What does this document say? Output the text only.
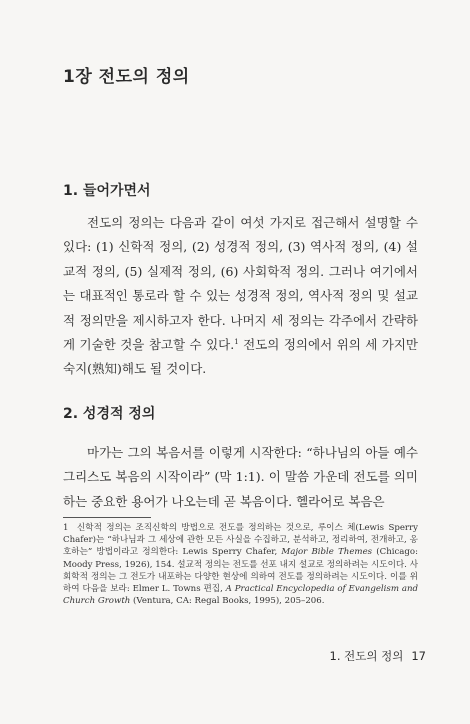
1장 전도의 정의
1. 들어가면서

전도의 정의는 다음과 같이 여섯 가지로 접근해서 설명할 수 있다: (1) 신학적 정의, (2) 성경적 정의, (3) 역사적 정의, (4) 설교적 정의, (5) 실제적 정의, (6) 사회학적 정의. 그러나 여기에서는 대표적인 통로라 할 수 있는 성경적 정의, 역사적 정의 및 설교적 정의만을 제시하고자 한다. 나머지 세 정의는 각주에서 간략하게 기술한 것을 참고할 수 있다.$^1$ 전도의 정의에서 위의 세 가지만 숙지(熟知)해도 될 것이다.

2. 성경적 정의

마가는 그의 복음서를 이렇게 시작한다: “하나님의 아들 예수 그리스도 복음의 시작이라” (막 1:1). 이 말씀 가운데 전도를 의미하는 중요한 용어가 나오는데 곧 복음이다. 헬라어로 복음은

1 신학적 정의는 조직신학의 방법으로 전도를 정의하는 것으로, 루이스 체(Lewis Sperry Chafer)는 “하나님과 그 세상에 관한 모든 사실을 수집하고, 분석하고, 정리하여, 전개하고, 옹호하는” 방법이라고 정의한다: Lewis Sperry Chafer, Major Bible Themes (Chicago: Moody Press, 1926), 154. 설교적 정의는 전도를 선포 내지 설교로 정의하려는 시도이다. 사회학적 정의는 그 전도가 내포하는 다양한 현상에 의하여 전도를 정의하려는 시도이다. 이를 위하여 다음을 보라: Elmer L. Towns 편집, A Practical Encyclopedia of Evangelism and Church Growth (Ventura, CA: Regal Books, 1995), 205–206.
1. 전도의 정의 17
